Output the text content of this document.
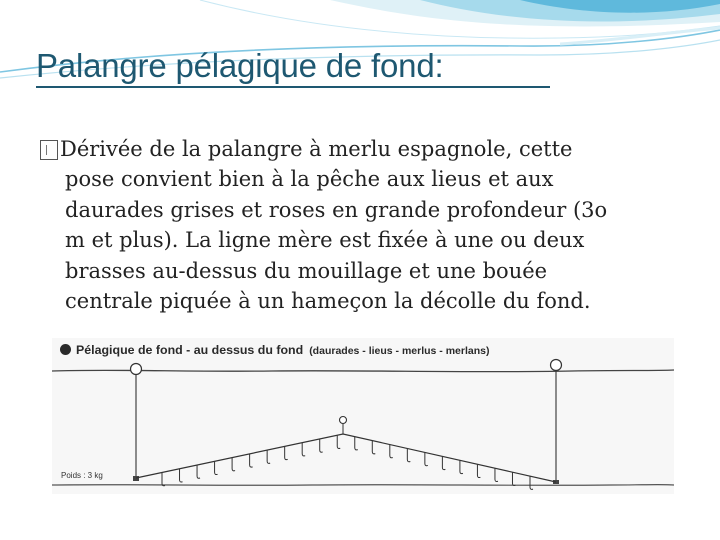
Palangre pélagique de fond:
Dérivée de la palangre à merlu espagnole, cette
pose convient bien à la pêche aux lieus et aux
daurades grises et roses en grande profondeur (3o
m et plus). La ligne mère est fixée à une ou deux
brasses au-dessus du mouillage et une bouée
centrale piquée à un hameçon la décolle du fond.
Pélagique de fond - au dessus du fond (daurades - lieus - merlus - merlans)
Poids : 3 kg
